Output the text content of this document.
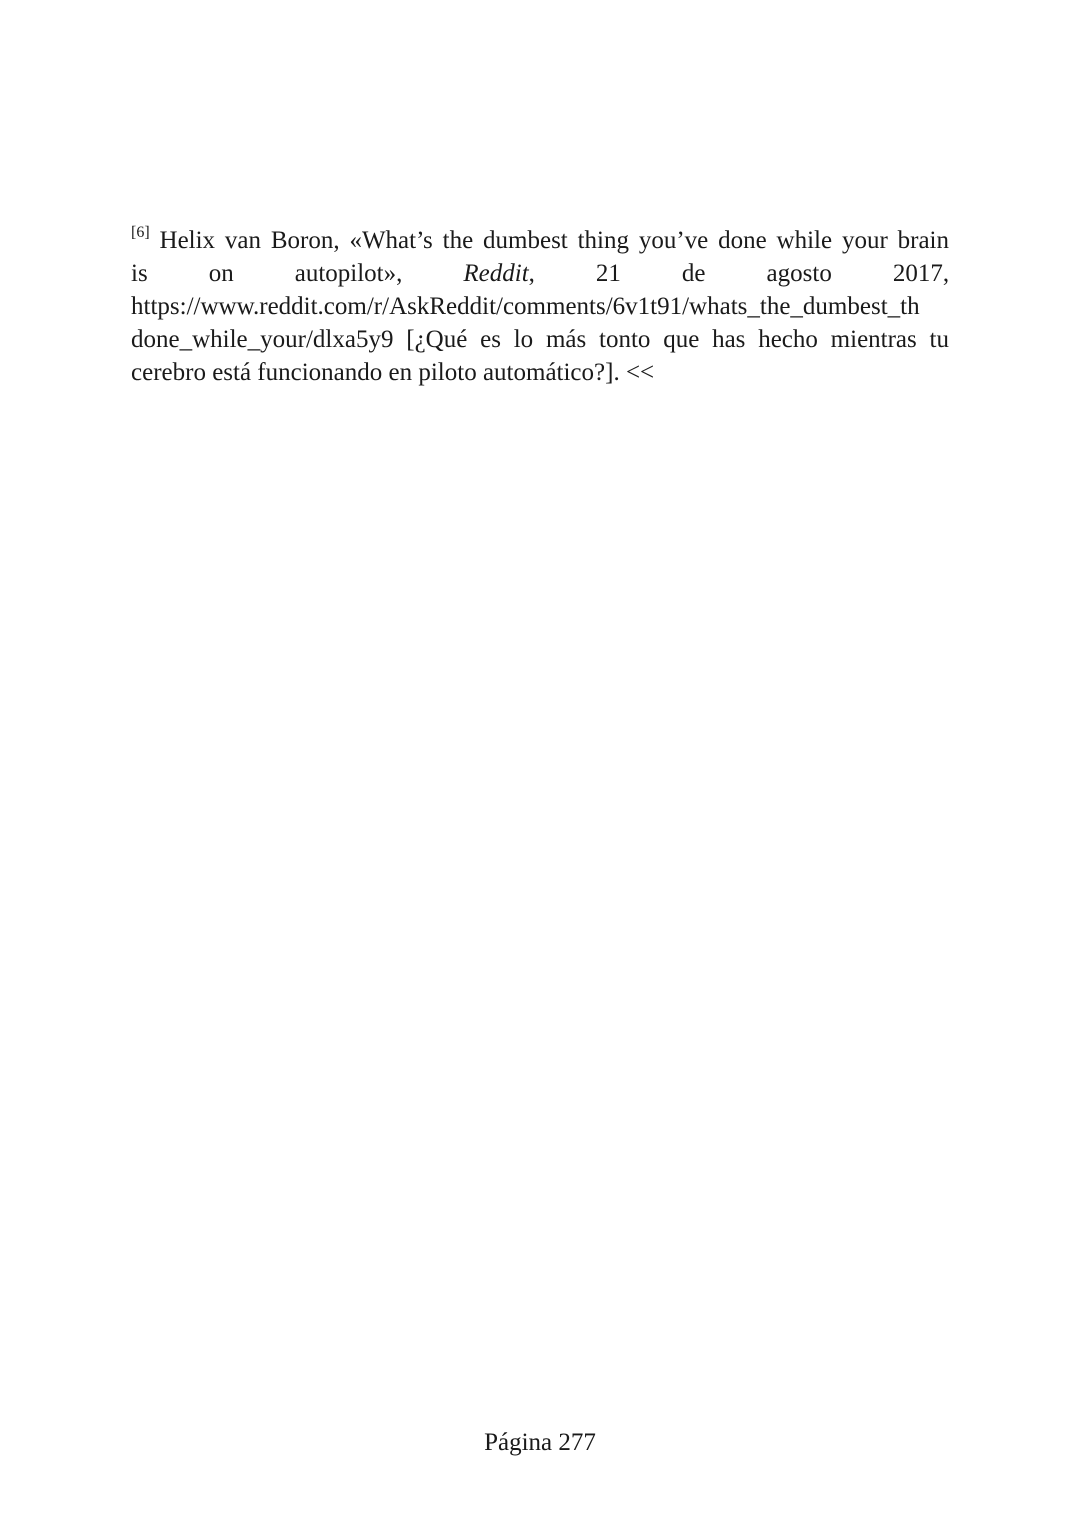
[6] Helix van Boron, «What’s the dumbest thing you’ve done while your brain
is on autopilot», Reddit, 21 de agosto 2017,
https://www.reddit.com/r/AskReddit/comments/6v1t91/whats_the_dumbest_th
done_while_your/dlxa5y9 [¿Qué es lo más tonto que has hecho mientras tu
cerebro está funcionando en piloto automático?]. <<

Página 277
